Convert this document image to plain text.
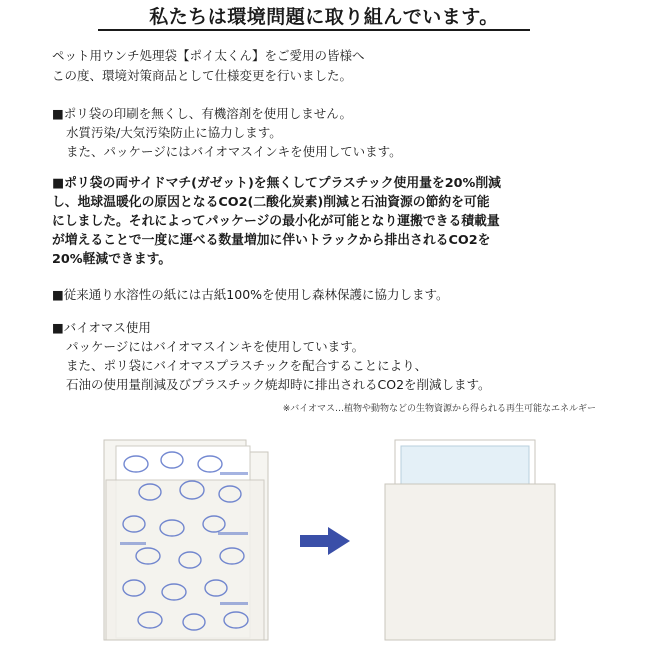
私たちは環境問題に取り組んでいます。
ペット用ウンチ処理袋【ポイ太くん】をご愛用の皆様へ
この度、環境対策商品として仕様変更を行いました。
■ポリ袋の印刷を無くし、有機溶剤を使用しません。
水質汚染/大気汚染防止に協力します。
また、パッケージにはバイオマスインキを使用しています。
■ポリ袋の両サイドマチ(ガゼット)を無くしてプラスチック使用量を20%削減
し、地球温暖化の原因となるCO2(二酸化炭素)削減と石油資源の節約を可能
にしました。それによってパッケージの最小化が可能となり運搬できる積載量
が増えることで一度に運べる数量増加に伴いトラックから排出されるCO2を
20%軽減できます。
■従来通り水溶性の紙には古紙100%を使用し森林保護に協力します。
■バイオマス使用
パッケージにはバイオマスインキを使用しています。
また、ポリ袋にバイオマスプラスチックを配合することにより、
石油の使用量削減及びプラスチック焼却時に排出されるCO2を削減します。
※バイオマス…植物や動物などの生物資源から得られる再生可能なエネルギー
